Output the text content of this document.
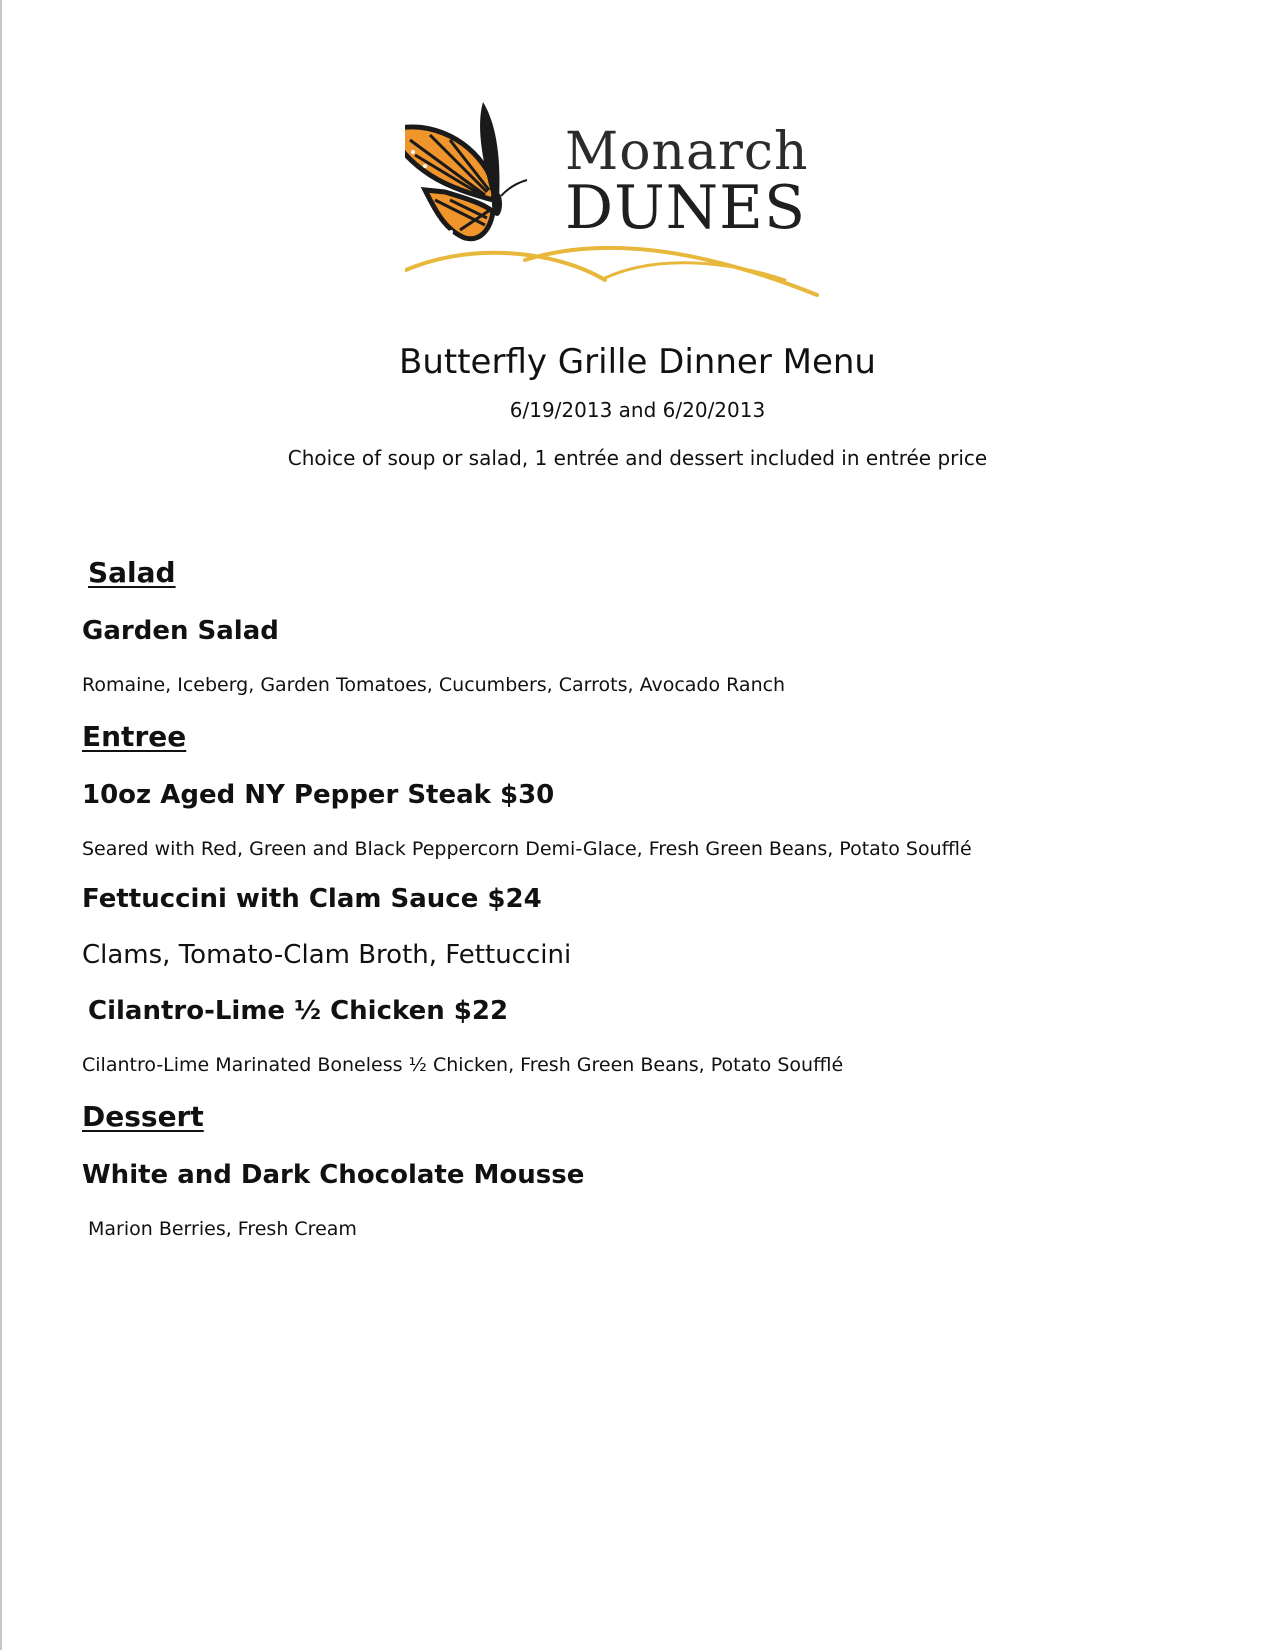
Monarch
DUNES
Butterfly Grille Dinner Menu
6/19/2013 and 6/20/2013
Choice of soup or salad, 1 entrée and dessert included in entrée price
Salad
Garden Salad
Romaine, Iceberg, Garden Tomatoes, Cucumbers, Carrots, Avocado Ranch
Entree
10oz Aged NY Pepper Steak $30
Seared with Red, Green and Black Peppercorn Demi-Glace, Fresh Green Beans, Potato Soufflé
Fettuccini with Clam Sauce $24
Clams, Tomato-Clam Broth, Fettuccini
Cilantro-Lime ½ Chicken $22
Cilantro-Lime Marinated Boneless ½ Chicken, Fresh Green Beans, Potato Soufflé
Dessert
White and Dark Chocolate Mousse
Marion Berries, Fresh Cream
